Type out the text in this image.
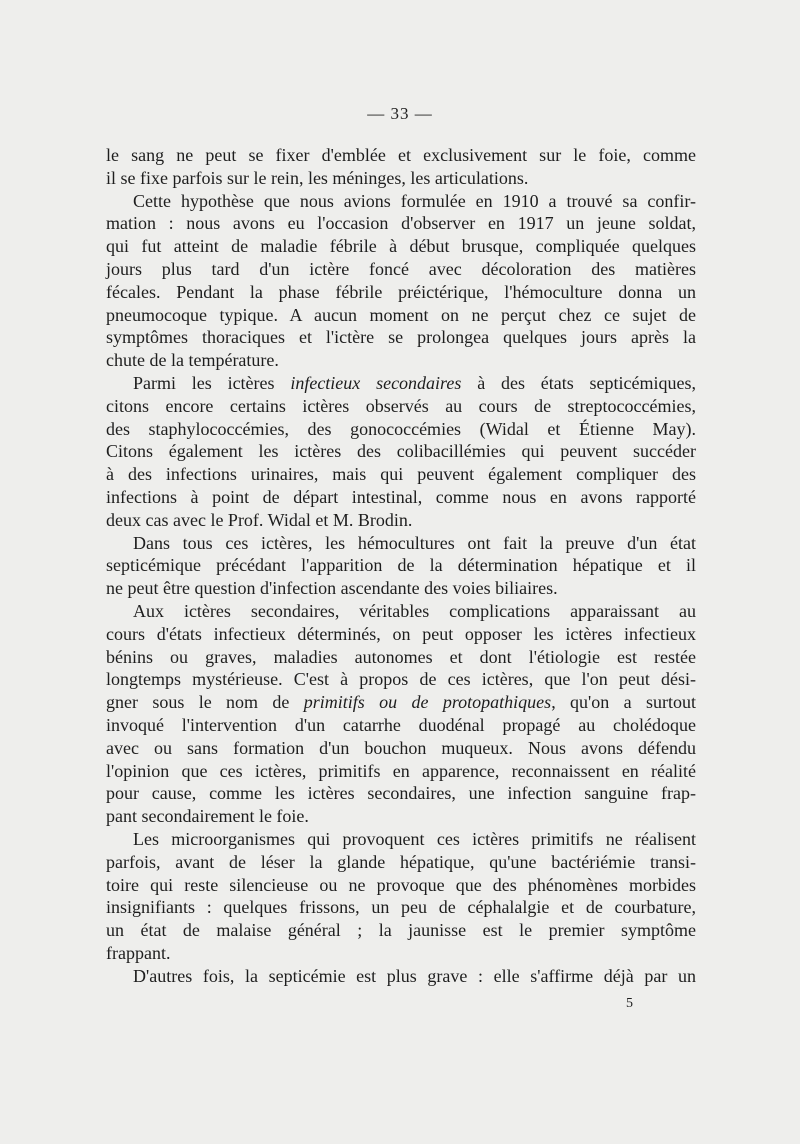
— 33 —
le sang ne peut se fixer d'emblée et exclusivement sur le foie, comme
il se fixe parfois sur le rein, les méninges, les articulations.
Cette hypothèse que nous avions formulée en 1910 a trouvé sa confir-
mation : nous avons eu l'occasion d'observer en 1917 un jeune soldat,
qui fut atteint de maladie fébrile à début brusque, compliquée quelques
jours plus tard d'un ictère foncé avec décoloration des matières
fécales. Pendant la phase fébrile préictérique, l'hémoculture donna un
pneumocoque typique. A aucun moment on ne perçut chez ce sujet de
symptômes thoraciques et l'ictère se prolongea quelques jours après la
chute de la température.
Parmi les ictères infectieux secondaires à des états septicémiques,
citons encore certains ictères observés au cours de streptococcémies,
des staphylococcémies, des gonococcémies (Widal et Étienne May).
Citons également les ictères des colibacillémies qui peuvent succéder
à des infections urinaires, mais qui peuvent également compliquer des
infections à point de départ intestinal, comme nous en avons rapporté
deux cas avec le Prof. Widal et M. Brodin.
Dans tous ces ictères, les hémocultures ont fait la preuve d'un état
septicémique précédant l'apparition de la détermination hépatique et il
ne peut être question d'infection ascendante des voies biliaires.
Aux ictères secondaires, véritables complications apparaissant au
cours d'états infectieux déterminés, on peut opposer les ictères infectieux
bénins ou graves, maladies autonomes et dont l'étiologie est restée
longtemps mystérieuse. C'est à propos de ces ictères, que l'on peut dési-
gner sous le nom de primitifs ou de protopathiques, qu'on a surtout
invoqué l'intervention d'un catarrhe duodénal propagé au cholédoque
avec ou sans formation d'un bouchon muqueux. Nous avons défendu
l'opinion que ces ictères, primitifs en apparence, reconnaissent en réalité
pour cause, comme les ictères secondaires, une infection sanguine frap-
pant secondairement le foie.
Les microorganismes qui provoquent ces ictères primitifs ne réalisent
parfois, avant de léser la glande hépatique, qu'une bactériémie transi-
toire qui reste silencieuse ou ne provoque que des phénomènes morbides
insignifiants : quelques frissons, un peu de céphalalgie et de courbature,
un état de malaise général ; la jaunisse est le premier symptôme
frappant.
D'autres fois, la septicémie est plus grave : elle s'affirme déjà par un
5
